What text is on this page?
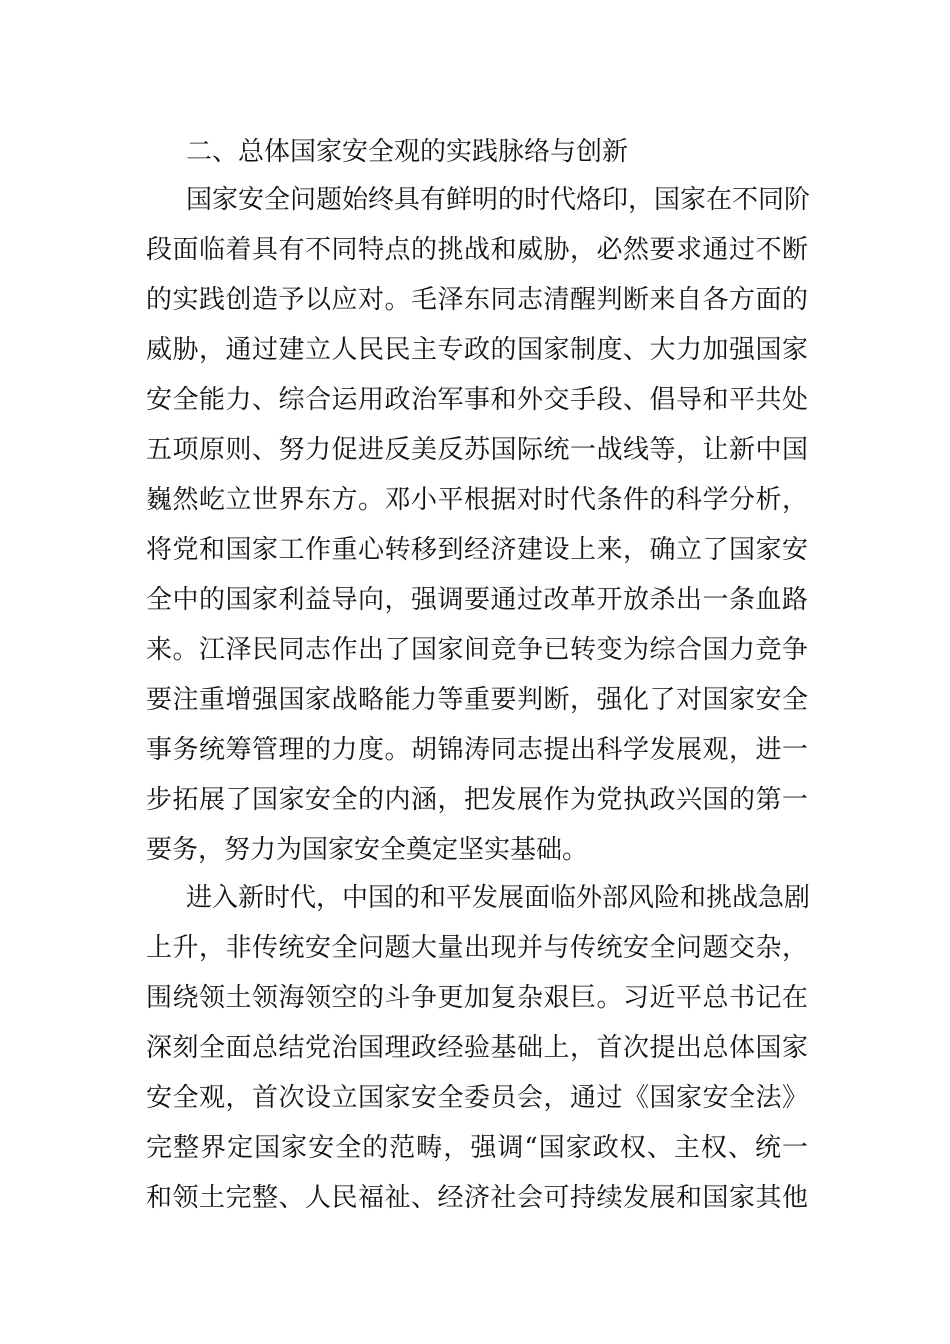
二、总体国家安全观的实践脉络与创新
国家安全问题始终具有鲜明的时代烙印，国家在不同阶
段面临着具有不同特点的挑战和威胁，必然要求通过不断
的实践创造予以应对。毛泽东同志清醒判断来自各方面的
威胁，通过建立人民民主专政的国家制度、大力加强国家
安全能力、综合运用政治军事和外交手段、倡导和平共处
五项原则、努力促进反美反苏国际统一战线等，让新中国
巍然屹立世界东方。邓小平根据对时代条件的科学分析，
将党和国家工作重心转移到经济建设上来，确立了国家安
全中的国家利益导向，强调要通过改革开放杀出一条血路
来。江泽民同志作出了国家间竞争已转变为综合国力竞争
要注重增强国家战略能力等重要判断，强化了对国家安全
事务统筹管理的力度。胡锦涛同志提出科学发展观，进一
步拓展了国家安全的内涵，把发展作为党执政兴国的第一
要务，努力为国家安全奠定坚实基础。
进入新时代，中国的和平发展面临外部风险和挑战急剧
上升，非传统安全问题大量出现并与传统安全问题交杂，
围绕领土领海领空的斗争更加复杂艰巨。习近平总书记在
深刻全面总结党治国理政经验基础上，首次提出总体国家
安全观，首次设立国家安全委员会，通过《国家安全法》
完整界定国家安全的范畴，强调“国家政权、主权、统一
和领土完整、人民福祉、经济社会可持续发展和国家其他
